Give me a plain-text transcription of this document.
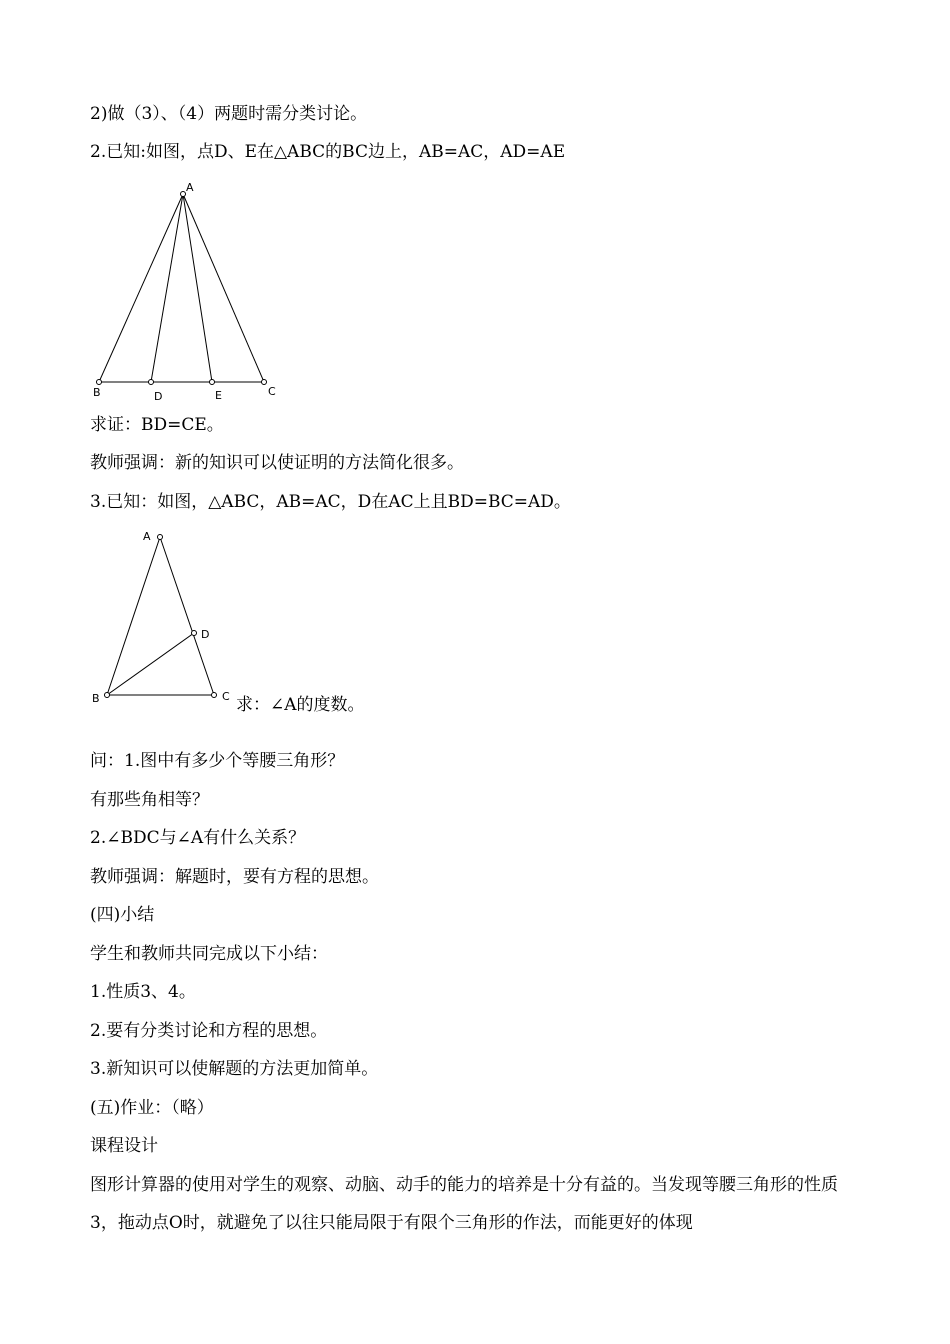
2)做（3）、（4）两题时需分类讨论。
2.已知:如图，点D、E在△ABC的BC边上，AB=AC，AD=AE
A
B	D	E	C
求证：BD=CE。
教师强调：新的知识可以使证明的方法简化很多。
3.已知：如图，△ABC，AB=AC，D在AC上且BD=BC=AD。
A
D
B	C 求：∠A的度数。
问：1.图中有多少个等腰三角形？
有那些角相等？
2.∠BDC与∠A有什么关系？
教师强调：解题时，要有方程的思想。
(四)小结
学生和教师共同完成以下小结：
1.性质3、4。
2.要有分类讨论和方程的思想。
3.新知识可以使解题的方法更加简单。
(五)作业：（略）
课程设计
图形计算器的使用对学生的观察、动脑、动手的能力的培养是十分有益的。当发现等腰三角形的性质3，拖动点O时，就避免了以往只能局限于有限个三角形的作法，而能更好的体现
